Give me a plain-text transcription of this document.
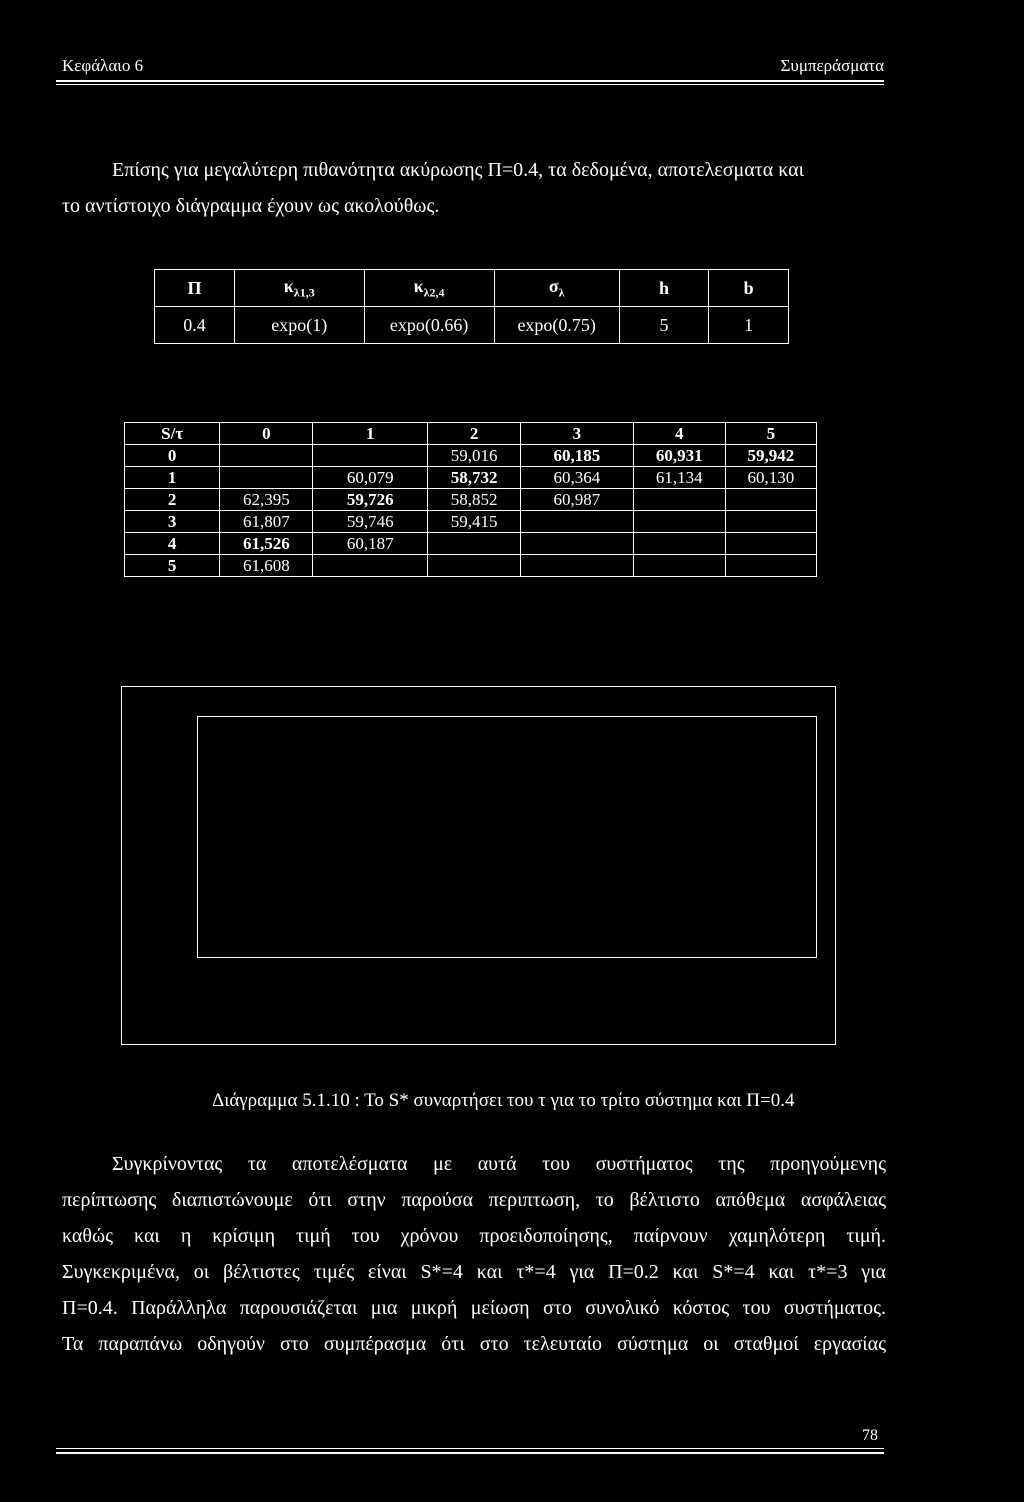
Κεφάλαιο 6	Συμπεράσματα
Επίσης για μεγαλύτερη πιθανότητα ακύρωσης Π=0.4, τα δεδομένα, αποτελεσματα και
το αντίστοιχο διάγραμμα έχουν ως ακολούθως.
Π	$\kappa_{\lambda 1,3}$	$\kappa_{\lambda 2,4}$	$\sigma_\lambda$	h	b
0.4	expo(1)	expo(0.66)	expo(0.75)	5	1
S/τ	0	1	2	3	4	5
0			59,016	60,185	60,931	59,942
1		60,079	58,732	60,364	61,134	60,130
2	62,395	59,726	58,852	60,987		
3	61,807	59,746	59,415			
4	61,526	60,187				
5	61,608					
Διάγραμμα 5.1.10 : Το S* συναρτήσει του τ για το τρίτο σύστημα και Π=0.4

Συγκρίνοντας τα αποτελέσματα με αυτά του συστήματος της προηγούμενης

περίπτωσης διαπιστώνουμε ότι στην παρούσα περιπτωση, το βέλτιστο απόθεμα ασφάλειας

καθώς και η κρίσιμη τιμή του χρόνου προειδοποίησης, παίρνουν χαμηλότερη τιμή.

Συγκεκριμένα, οι βέλτιστες τιμές είναι S*=4 και τ*=4 για Π=0.2 και S*=4 και τ*=3 για

Π=0.4. Παράλληλα παρουσιάζεται μια μικρή μείωση στο συνολικό κόστος του συστήματος.

Τα παραπάνω οδηγούν στο συμπέρασμα ότι στο τελευταίο σύστημα οι σταθμοί εργασίας

78
